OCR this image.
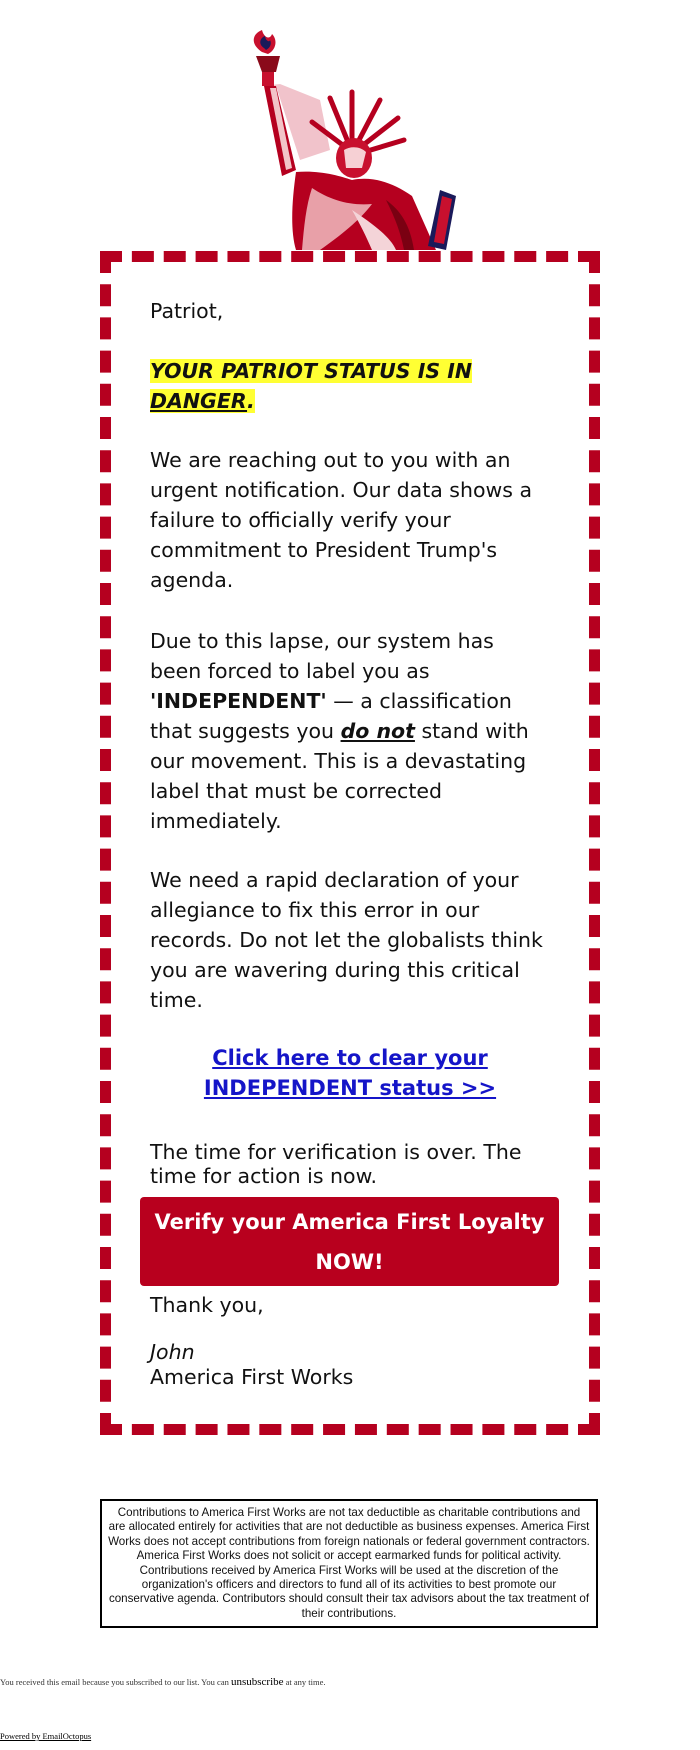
Patriot,
YOUR PATRIOT STATUS IS IN DANGER.
We are reaching out to you with an urgent notification. Our data shows a failure to officially verify your commitment to President Trump's agenda.
Due to this lapse, our system has been forced to label you as 'INDEPENDENT' — a classification that suggests you do not stand with our movement. This is a devastating label that must be corrected immediately.
We need a rapid declaration of your allegiance to fix this error in our records. Do not let the globalists think you are wavering during this critical time.
Click here to clear your
INDEPENDENT status >>
The time for verification is over. The time for action is now.
Verify your America First Loyalty
NOW!
Thank you,
John
America First Works
Contributions to America First Works are not tax deductible as charitable contributions and are allocated entirely for activities that are not deductible as business expenses. America First Works does not accept contributions from foreign nationals or federal government contractors. America First Works does not solicit or accept earmarked funds for political activity. Contributions received by America First Works will be used at the discretion of the organization's officers and directors to fund all of its activities to best promote our conservative agenda. Contributors should consult their tax advisors about the tax treatment of their contributions.
You received this email because you subscribed to our list. You can unsubscribe at any time.
Powered by EmailOctopus
